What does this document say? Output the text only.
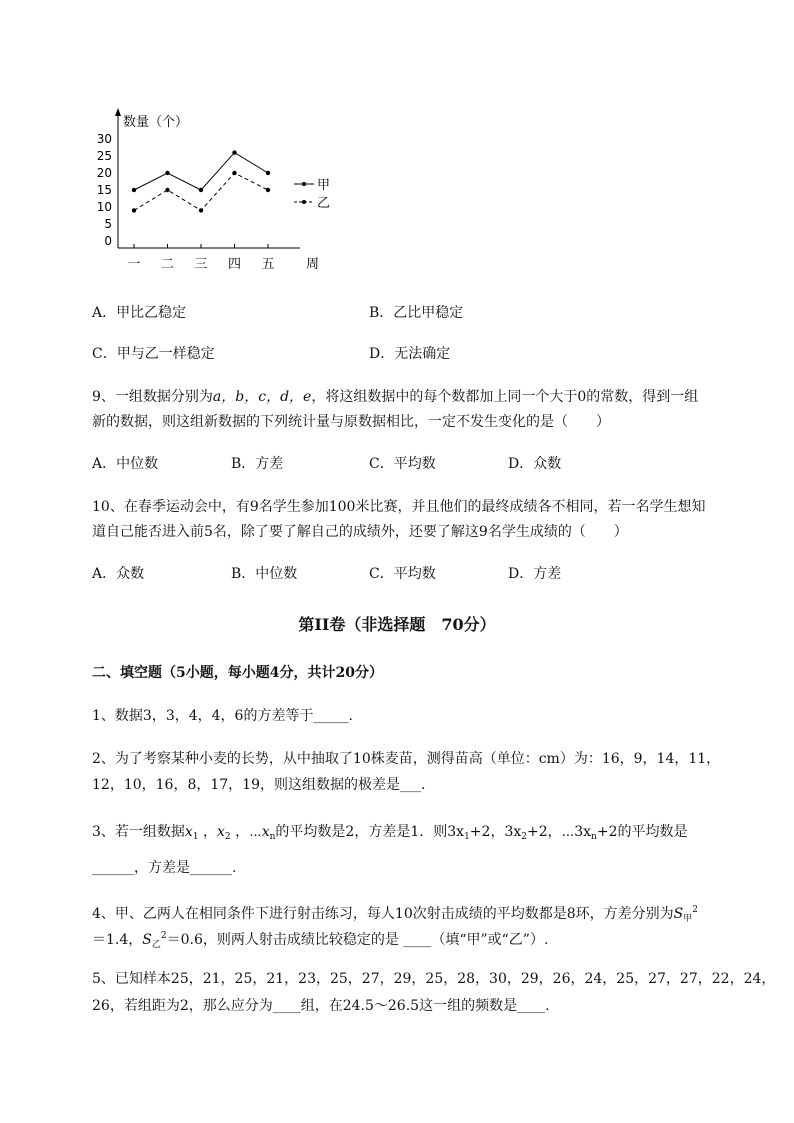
数量（个）
周
0
5
10
15
20
25
30
一 二 三 四 五
甲
乙
A．甲比乙稳定	B．乙比甲稳定
C．甲与乙一样稳定	D．无法确定
9、一组数据分别为a，b，c，d，e，将这组数据中的每个数都加上同一个大于0的常数，得到一组
新的数据，则这组新数据的下列统计量与原数据相比，一定不发生变化的是（　　）
A．中位数	B．方差	C．平均数	D．众数
10、在春季运动会中，有9名学生参加100米比赛，并且他们的最终成绩各不相同，若一名学生想知
道自己能否进入前5名，除了要了解自己的成绩外，还要了解这9名学生成绩的（　　）
A．众数	B．中位数	C．平均数	D．方差
第II卷（非选择题　70分）
二、填空题（5小题，每小题4分，共计20分）
1、数据3，3，4，4，6的方差等于_____.
2、为了考察某种小麦的长势，从中抽取了10株麦苗，测得苗高（单位：cm）为：16，9，14，11，
12，10，16，8，17，19，则这组数据的极差是___.
3、若一组数据$x_1$ ，$x_2$ ，$\cdots x_n$的平均数是2，方差是1．则$3x_1+2$，$3x_2+2$，$\cdots 3x_n+2$的平均数是
______，方差是______.
4、甲、乙两人在相同条件下进行射击练习，每人10次射击成绩的平均数都是8环，方差分别为$S_甲^2$
＝1.4，$S_乙^2=0.6$，则两人射击成绩比较稳定的是 ____（填“甲”或“乙”）.
5、已知样本25，21，25，21，23，25，27，29，25，28，30，29，26，24，25，27，27，22，24，
26，若组距为2，那么应分为____组，在24.5～26.5这一组的频数是____.
